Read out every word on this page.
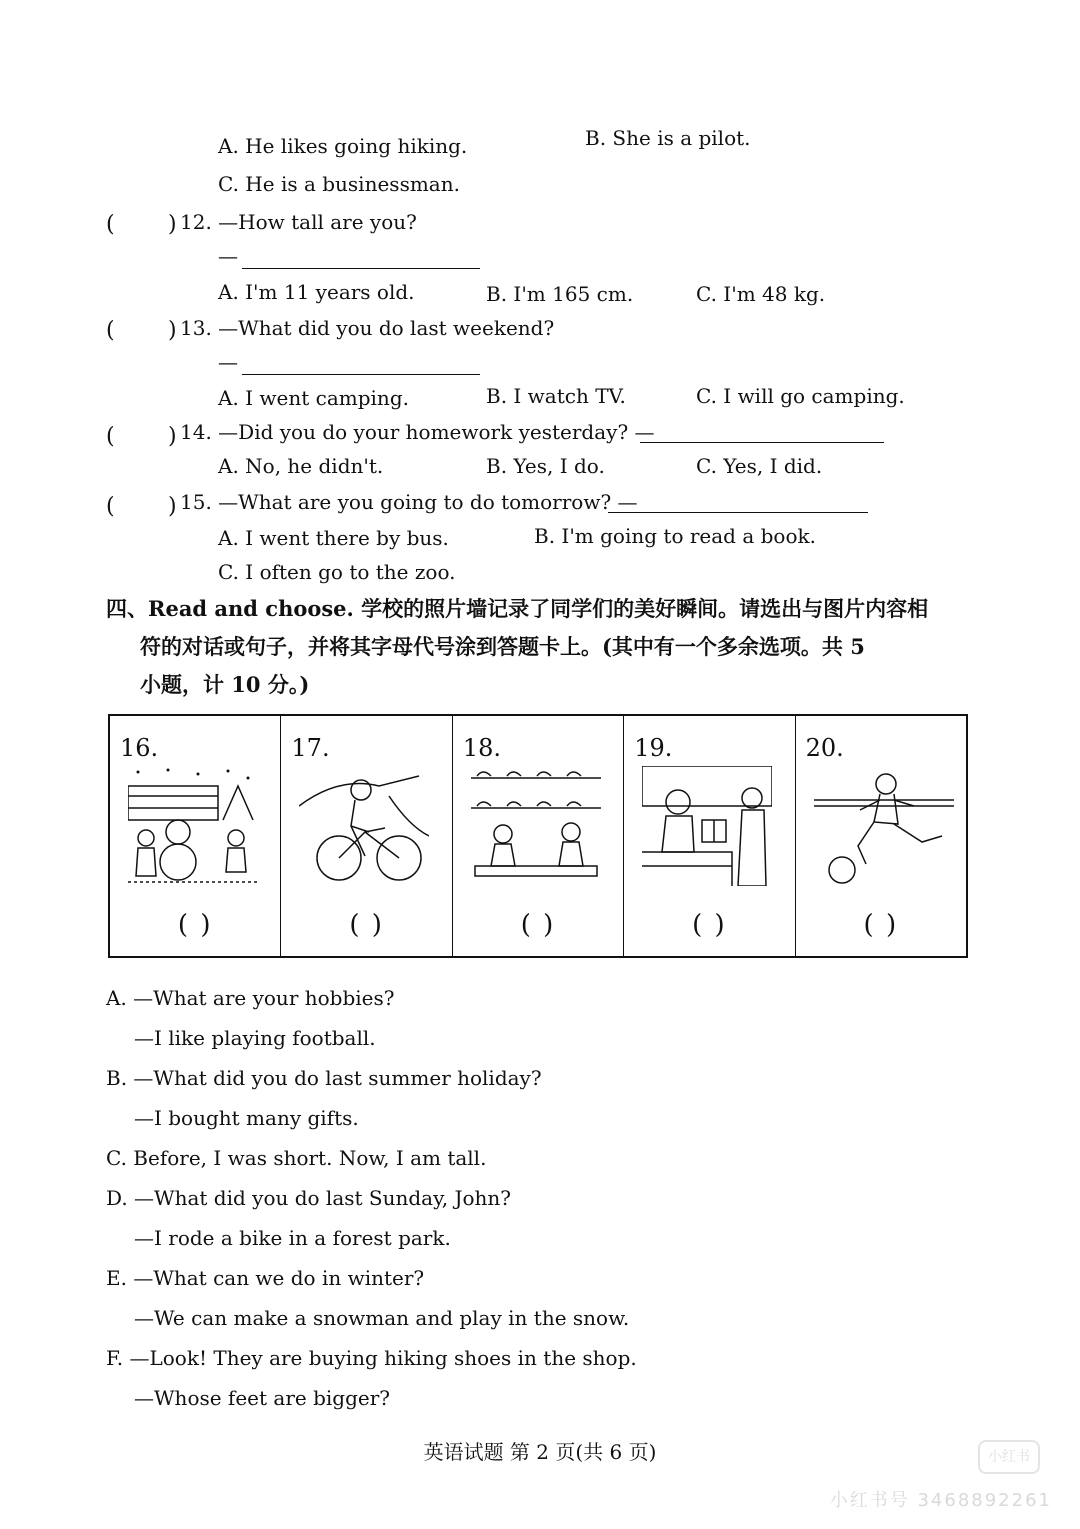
A. He likes going hiking.	B. She is a pilot.
C. He is a businessman.
( ) 12. —How tall are you?
—
A. I'm 11 years old.	B. I'm 165 cm.	C. I'm 48 kg.
( ) 13. —What did you do last weekend?
—
A. I went camping.	B. I watch TV.	C. I will go camping.
( ) 14. —Did you do your homework yesterday? —
A. No, he didn't.	B. Yes, I do.	C. Yes, I did.
( ) 15. —What are you going to do tomorrow? —
A. I went there by bus.	B. I'm going to read a book.
C. I often go to the zoo.
四、Read and choose. 学校的照片墙记录了同学们的美好瞬间。请选出与图片内容相
符的对话或句子，并将其字母代号涂到答题卡上。(其中有一个多余选项。共 5
小题，计 10 分。)
16.
( )
17.
( )
18.
( )
19.
( )
20.
( )
A. —What are your hobbies?
—I like playing football.
B. —What did you do last summer holiday?
—I bought many gifts.
C. Before, I was short. Now, I am tall.
D. —What did you do last Sunday, John?
—I rode a bike in a forest park.
E. —What can we do in winter?
—We can make a snowman and play in the snow.
F. —Look! They are buying hiking shoes in the shop.
—Whose feet are bigger?
英语试题 第 2 页(共 6 页)	小红书
小红书号 3468892261
